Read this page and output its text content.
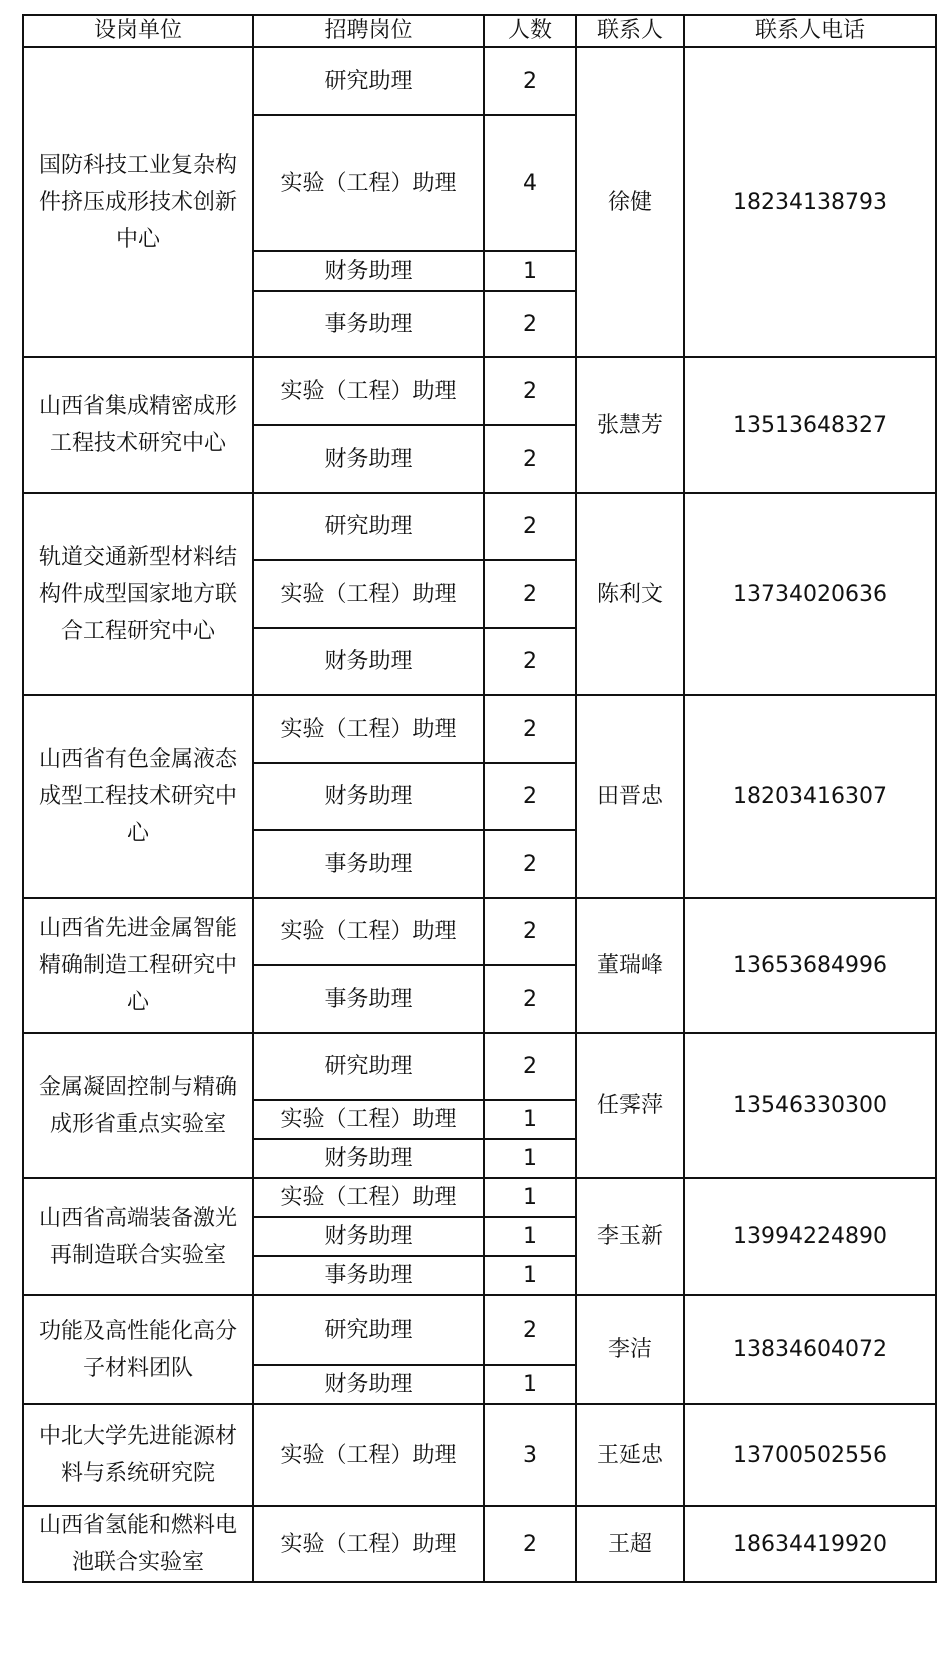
设岗单位	招聘岗位	人数	联系人	联系人电话
国防科技工业复杂构件挤压成形技术创新中心	研究助理	2	徐健	18234138793
	实验（工程）助理	4		
	财务助理	1		
	事务助理	2		
山西省集成精密成形工程技术研究中心	实验（工程）助理	2	张慧芳	13513648327
	财务助理	2		
轨道交通新型材料结构件成型国家地方联合工程研究中心	研究助理	2	陈利文	13734020636
	实验（工程）助理	2		
	财务助理	2		
山西省有色金属液态成型工程技术研究中心	实验（工程）助理	2	田晋忠	18203416307
	财务助理	2		
	事务助理	2		
山西省先进金属智能精确制造工程研究中心	实验（工程）助理	2	董瑞峰	13653684996
	事务助理	2		
金属凝固控制与精确成形省重点实验室	研究助理	2	任霁萍	13546330300
	实验（工程）助理	1		
	财务助理	1		
山西省高端装备激光再制造联合实验室	实验（工程）助理	1	李玉新	13994224890
	财务助理	1		
	事务助理	1		
功能及高性能化高分子材料团队	研究助理	2	李洁	13834604072
	财务助理	1		
中北大学先进能源材料与系统研究院	实验（工程）助理	3	王延忠	13700502556
山西省氢能和燃料电池联合实验室	实验（工程）助理	2	王超	18634419920
